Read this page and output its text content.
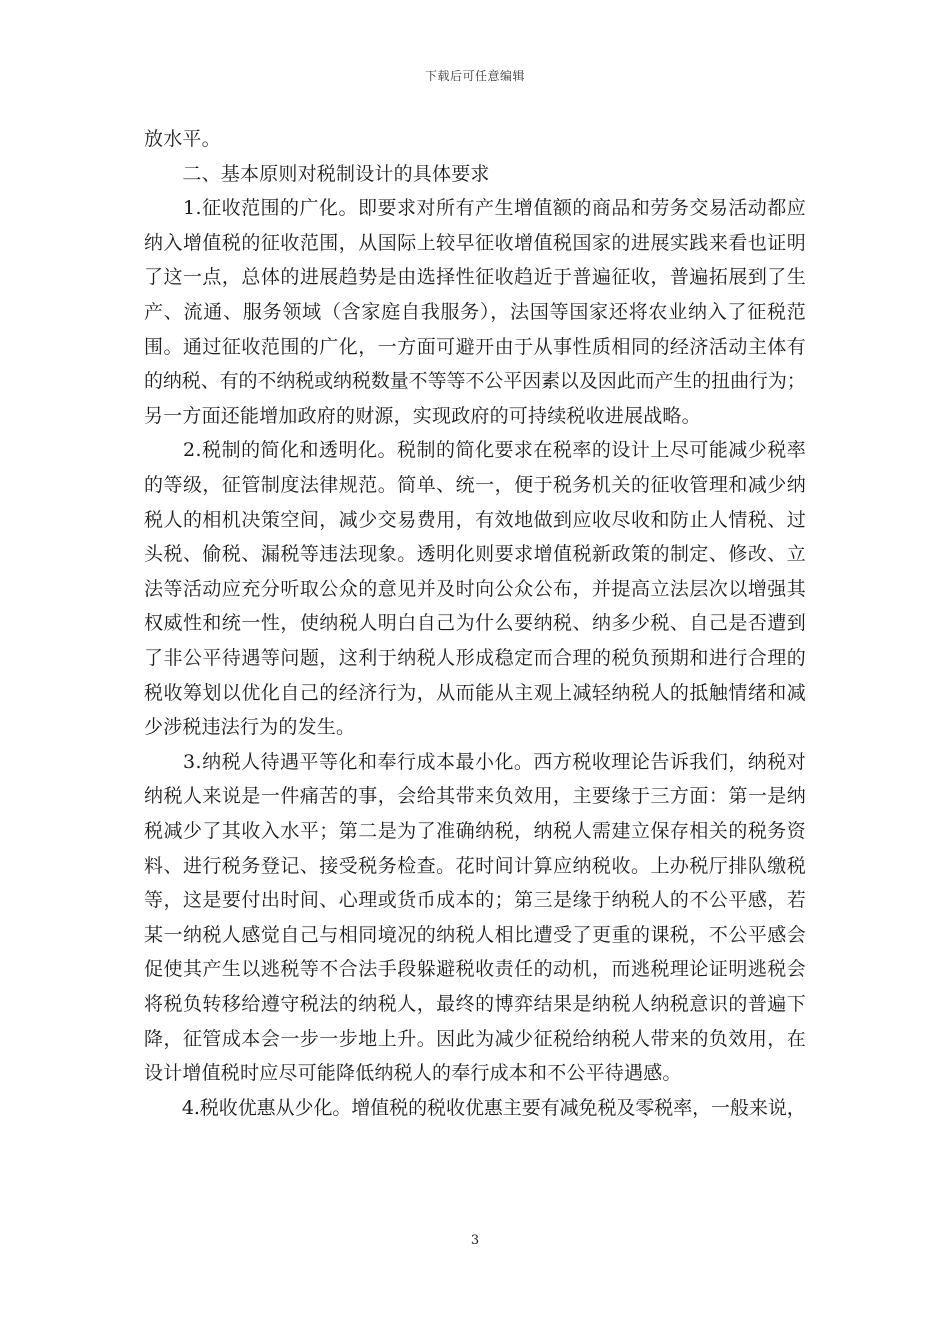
下载后可任意编辑
放水平。
　　二、基本原则对税制设计的具体要求
　　1.征收范围的广化。即要求对所有产生增值额的商品和劳务交易活动都应
纳入增值税的征收范围，从国际上较早征收增值税国家的进展实践来看也证明
了这一点，总体的进展趋势是由选择性征收趋近于普遍征收，普遍拓展到了生
产、流通、服务领域（含家庭自我服务），法国等国家还将农业纳入了征税范
围。通过征收范围的广化，一方面可避开由于从事性质相同的经济活动主体有
的纳税、有的不纳税或纳税数量不等等不公平因素以及因此而产生的扭曲行为；
另一方面还能增加政府的财源，实现政府的可持续税收进展战略。
　　2.税制的简化和透明化。税制的简化要求在税率的设计上尽可能减少税率
的等级，征管制度法律规范。简单、统一，便于税务机关的征收管理和减少纳
税人的相机决策空间，减少交易费用，有效地做到应收尽收和防止人情税、过
头税、偷税、漏税等违法现象。透明化则要求增值税新政策的制定、修改、立
法等活动应充分听取公众的意见并及时向公众公布，并提高立法层次以增强其
权威性和统一性，使纳税人明白自己为什么要纳税、纳多少税、自己是否遭到
了非公平待遇等问题，这利于纳税人形成稳定而合理的税负预期和进行合理的
税收筹划以优化自己的经济行为，从而能从主观上减轻纳税人的抵触情绪和减
少涉税违法行为的发生。
　　3.纳税人待遇平等化和奉行成本最小化。西方税收理论告诉我们，纳税对
纳税人来说是一件痛苦的事，会给其带来负效用，主要缘于三方面：第一是纳
税减少了其收入水平；第二是为了准确纳税，纳税人需建立保存相关的税务资
料、进行税务登记、接受税务检查。花时间计算应纳税收。上办税厅排队缴税
等，这是要付出时间、心理或货币成本的；第三是缘于纳税人的不公平感，若
某一纳税人感觉自己与相同境况的纳税人相比遭受了更重的课税，不公平感会
促使其产生以逃税等不合法手段躲避税收责任的动机，而逃税理论证明逃税会
将税负转移给遵守税法的纳税人，最终的博弈结果是纳税人纳税意识的普遍下
降，征管成本会一步一步地上升。因此为减少征税给纳税人带来的负效用，在
设计增值税时应尽可能降低纳税人的奉行成本和不公平待遇感。
　　4.税收优惠从少化。增值税的税收优惠主要有减免税及零税率，一般来说，
3
